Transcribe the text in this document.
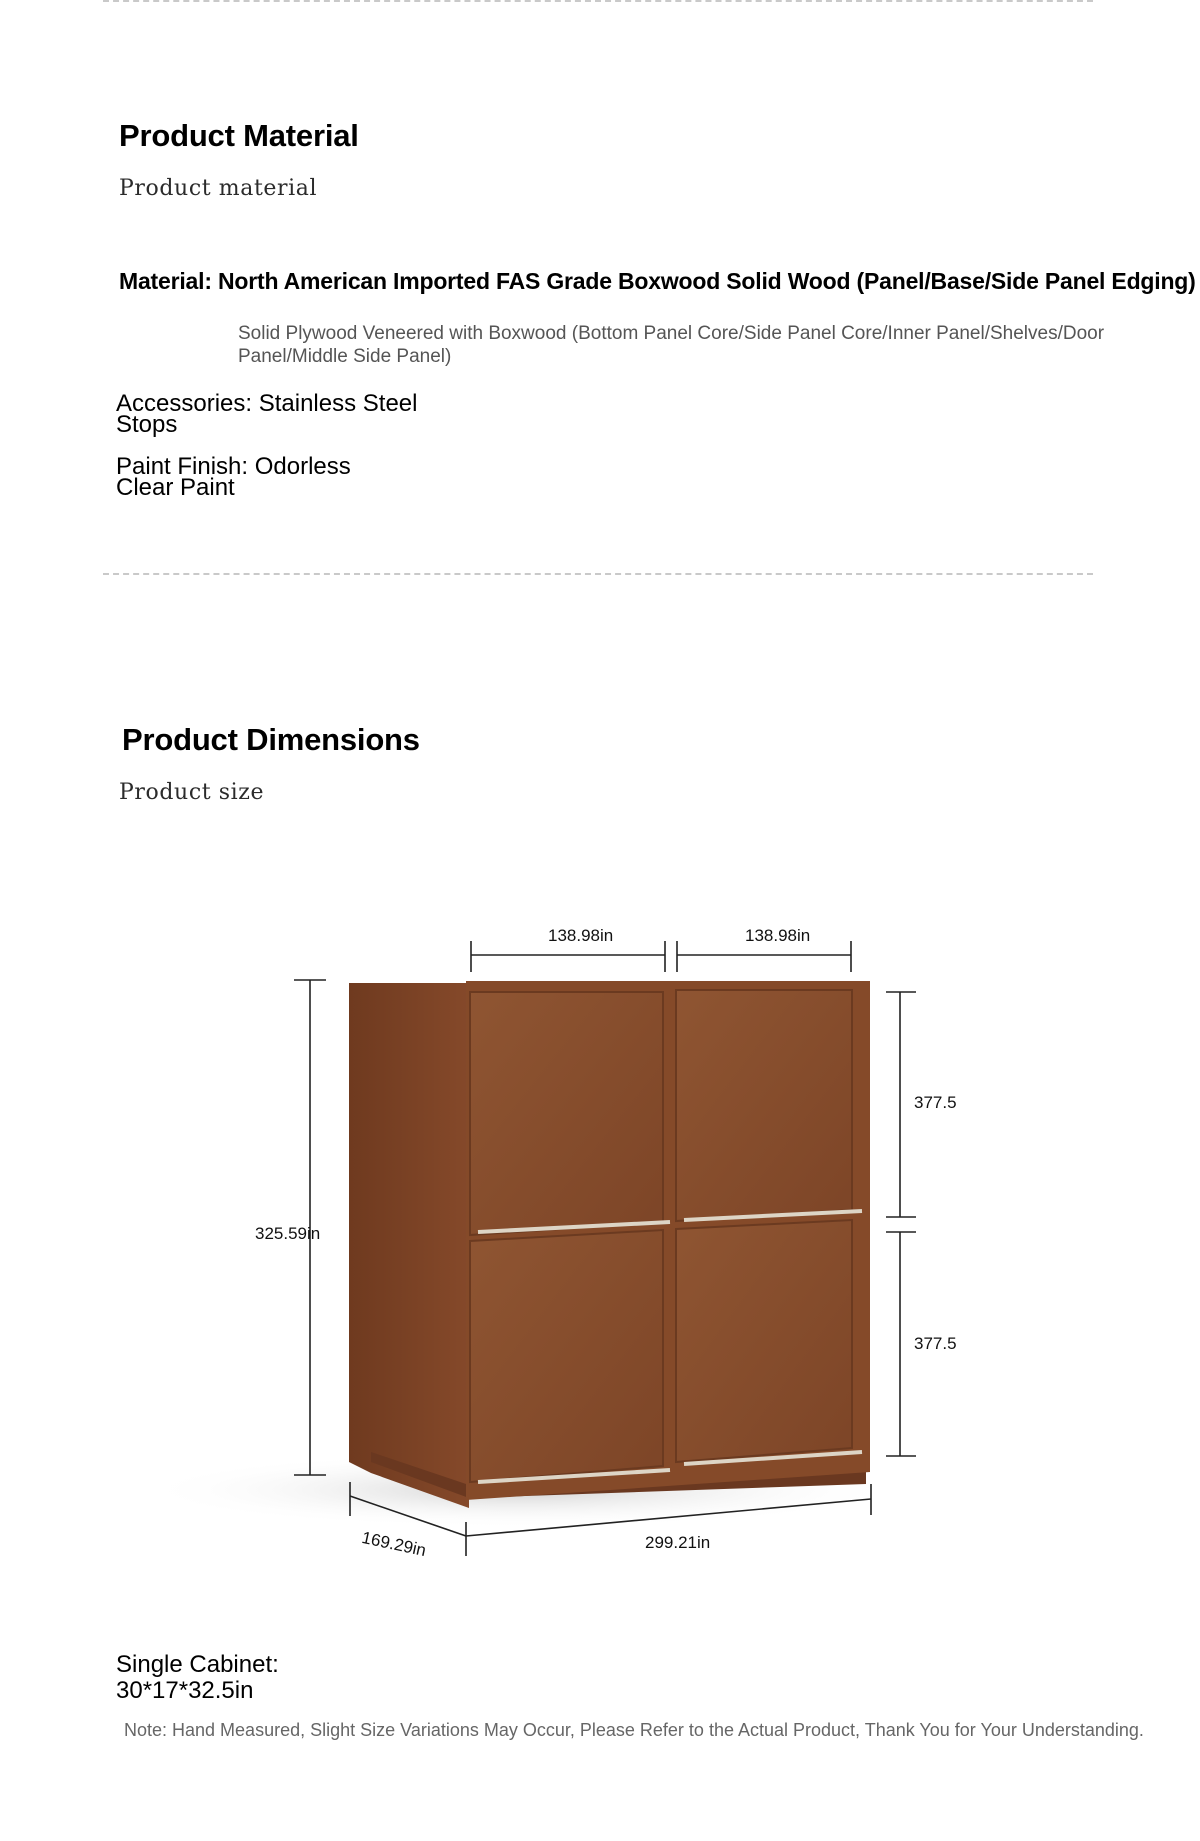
Product Material
Product material
Material: North American Imported FAS Grade Boxwood Solid Wood (Panel/Base/Side Panel Edging)
Solid Plywood Veneered with Boxwood (Bottom Panel Core/Side Panel Core/Inner Panel/Shelves/Door Panel/Middle Side Panel)
Accessories: Stainless Steel
Stops
Paint Finish: Odorless
Clear Paint
Product Dimensions
Product size
138.98in	138.98in
377.5
377.5
325.59in
169.29in	299.21in
Single Cabinet:
30*17*32.5in
Note: Hand Measured, Slight Size Variations May Occur, Please Refer to the Actual Product, Thank You for Your Understanding.
